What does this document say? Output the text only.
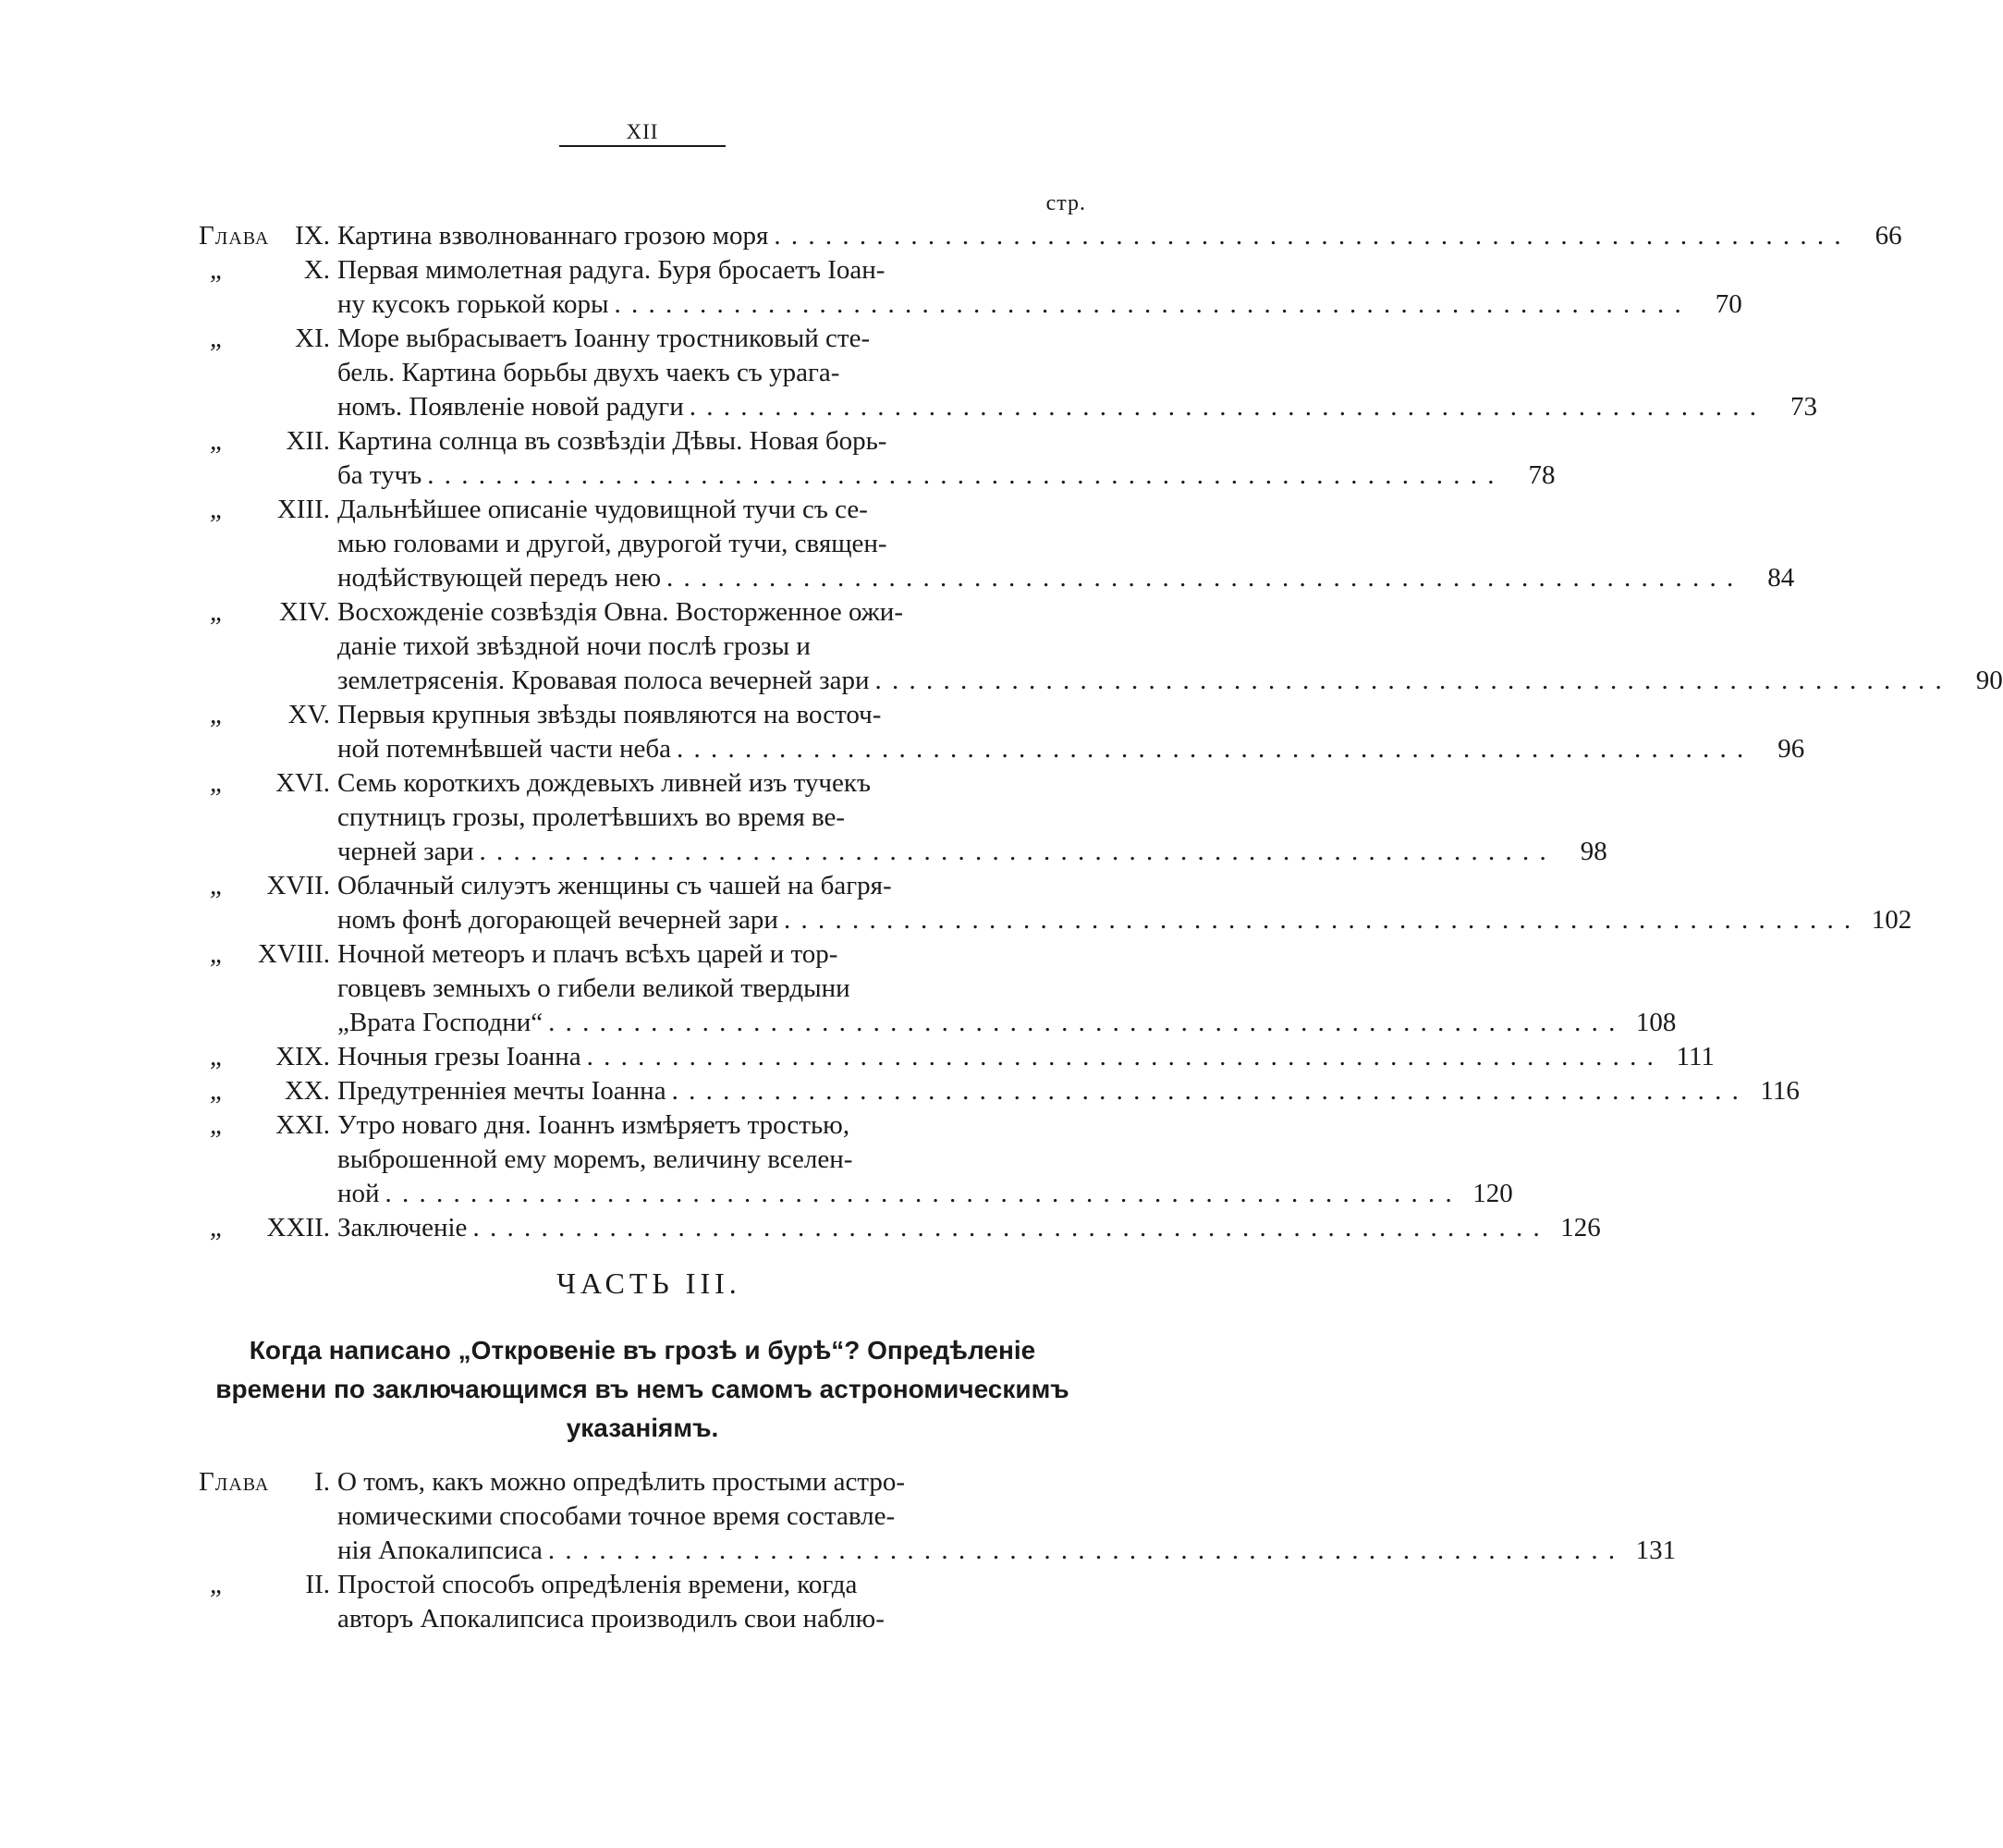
XII
стр.
Глава IX. Картина взволнованнаго грозою моря . . .	66
„	X. Первая мимолетная радуга. Буря бросаетъ Іоан-
ну кусокъ горькой коры . . .	70
„	XI. Море выбрасываетъ Іоанну тростниковый сте-
бель. Картина борьбы двухъ чаекъ съ урага-
номъ. Появленіе новой радуги . . .	73
„	XII. Картина солнца въ созвѣздіи Дѣвы. Новая борь-
ба тучъ . . .	78
„	XIII. Дальнѣйшее описаніе чудовищной тучи съ се-
мью головами и другой, двурогой тучи, священ-
нодѣйствующей передъ нею . . .	84
„	XIV. Восхожденіе созвѣздія Овна. Восторженное ожи-
даніе тихой звѣздной ночи послѣ грозы и
землетрясенія. Кровавая полоса вечерней зари . . .	90
„	XV. Первыя крупныя звѣзды появляются на восточ-
ной потемнѣвшей части неба . . .	96
„	XVI. Семь короткихъ дождевыхъ ливней изъ тучекъ
спутницъ грозы, пролетѣвшихъ во время ве-
черней зари . . .	98
„	XVII. Облачный силуэтъ женщины съ чашей на багря-
номъ фонѣ догорающей вечерней зари . . .	102
„	XVIII. Ночной метеоръ и плачъ всѣхъ царей и тор-
говцевъ земныхъ о гибели великой твердыни
„Врата Господни“ . . .	108
„	XIX. Ночныя грезы Іоанна . . .	111
„	XX. Предутренніея мечты Іоанна . . .	116
„	XXI. Утро новаго дня. Іоаннъ измѣряетъ тростью,
выброшенной ему моремъ, величину вселен-
ной . . .	120
„	XXII. Заключеніе . . .	126
ЧАСТЬ III.
Когда написано „Откровеніе въ грозѣ и бурѣ“? Опредѣленіе времени по заключающимся въ немъ самомъ астрономическимъ указаніямъ.
Глава	I. О томъ, какъ можно опредѣлить простыми астро-
номическими способами точное время составле-
нія Апокалипсиса . . .	131
„	II. Простой способъ опредѣленія времени, когда
авторъ Апокалипсиса производилъ свои наблю-
